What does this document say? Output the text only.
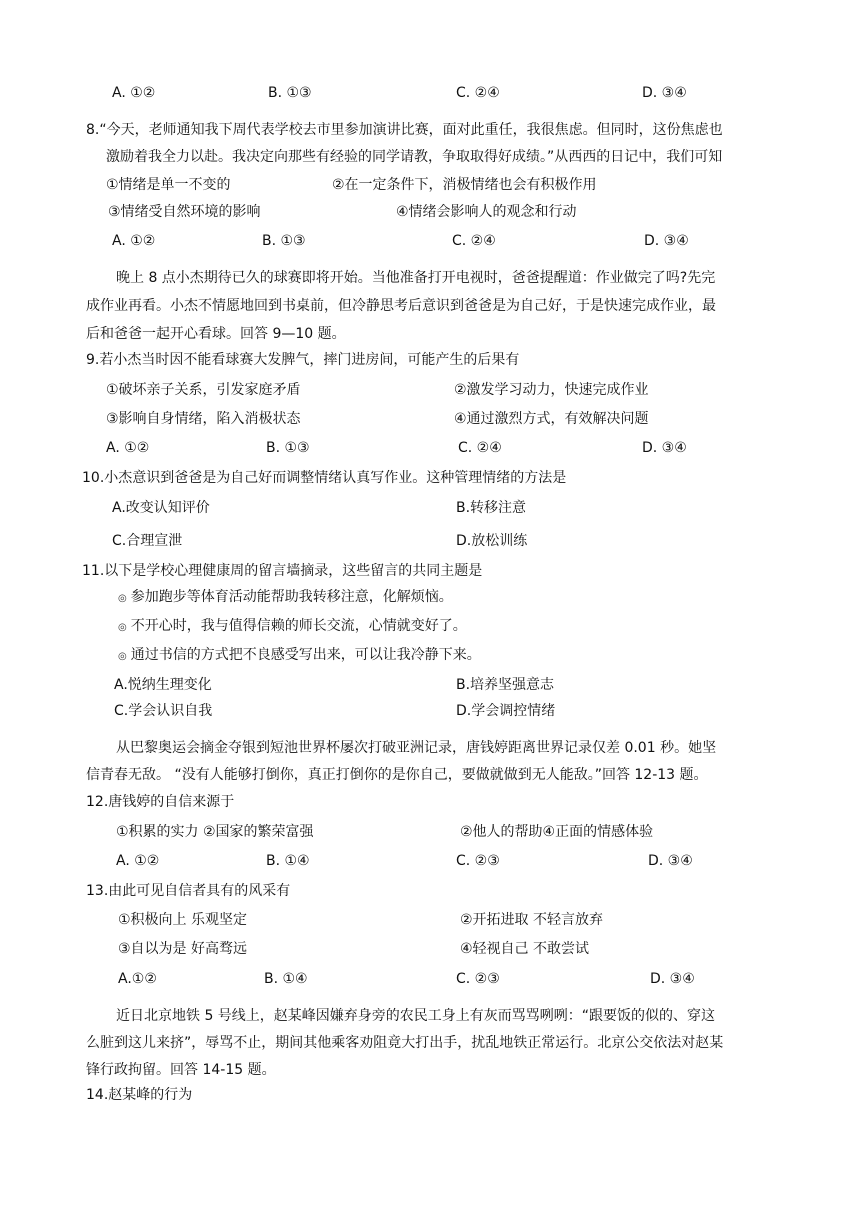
A. ①②	B. ①③	C. ②④	D. ③④
8.“今天，老师通知我下周代表学校去市里参加演讲比赛，面对此重任，我很焦虑。但同时，这份焦虑也
激励着我全力以赴。我决定向那些有经验的同学请教，争取取得好成绩。”从西西的日记中，我们可知
①情绪是单一不变的	②在一定条件下，消极情绪也会有积极作用
③情绪受自然环境的影响	④情绪会影响人的观念和行动
A. ①②	B. ①③	C. ②④	D. ③④
晚上 8 点小杰期待已久的球赛即将开始。当他准备打开电视时，爸爸提醒道：作业做完了吗?先完
成作业再看。小杰不情愿地回到书桌前，但冷静思考后意识到爸爸是为自己好，于是快速完成作业，最
后和爸爸一起开心看球。回答 9—10 题。
9.若小杰当时因不能看球赛大发脾气，摔门进房间，可能产生的后果有
①破坏亲子关系，引发家庭矛盾	②激发学习动力，快速完成作业
③影响自身情绪，陷入消极状态	④通过激烈方式，有效解决问题
A. ①②	B. ①③	C. ②④	D. ③④
10.小杰意识到爸爸是为自己好而调整情绪认真写作业。这种管理情绪的方法是
A.改变认知评价	B.转移注意
C.合理宣泄	D.放松训练
11.以下是学校心理健康周的留言墙摘录，这些留言的共同主题是
◎ 参加跑步等体育活动能帮助我转移注意，化解烦恼。
◎ 不开心时，我与值得信赖的师长交流，心情就变好了。
◎ 通过书信的方式把不良感受写出来，可以让我冷静下来。
A.悦纳生理变化	B.培养坚强意志
C.学会认识自我	D.学会调控情绪
从巴黎奥运会摘金夺银到短池世界杯屡次打破亚洲记录，唐钱婷距离世界记录仅差 0.01 秒。她坚
信青春无敌。 “没有人能够打倒你，真正打倒你的是你自己，要做就做到无人能敌。”回答 12-13 题。
12.唐钱婷的自信来源于
①积累的实力 ②国家的繁荣富强	②他人的帮助④正面的情感体验
A. ①②	B. ①④	C. ②③	D. ③④
13.由此可见自信者具有的风采有
①积极向上 乐观坚定	②开拓进取 不轻言放弃
③自以为是 好高骛远	④轻视自己 不敢尝试
A.①②	B. ①④	C. ②③	D. ③④
近日北京地铁 5 号线上，赵某峰因嫌弃身旁的农民工身上有灰而骂骂咧咧：“跟要饭的似的、穿这
么脏到这儿来挤”，辱骂不止，期间其他乘客劝阻竟大打出手，扰乱地铁正常运行。北京公交依法对赵某
锋行政拘留。回答 14-15 题。
14.赵某峰的行为
